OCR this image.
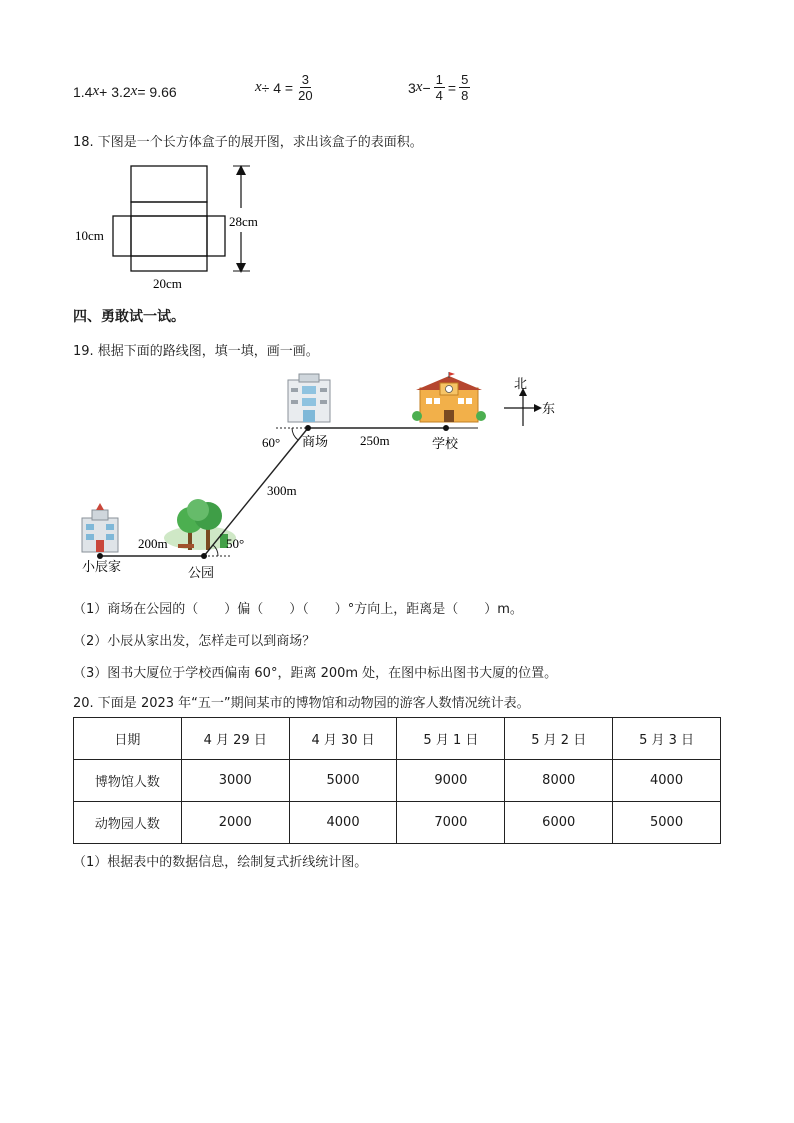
1.4 x + 3.2 x = 9.66	$x \div 4 = \frac{3}{20}$	3 $x - \frac{1}{4} = \frac{5}{8}$
18. 下图是一个长方体盒子的展开图，求出该盒子的表面积。
10cm
28cm
20cm
四、勇敢试一试。
19. 根据下面的路线图，填一填，画一画。
北
东
商场	学校
公园
小辰家
250m
300m
200m
60°
50°
（1）商场在公园的（　　）偏（　　）（　　）°方向上，距离是（　　）m。
（2）小辰从家出发，怎样走可以到商场？
（3）图书大厦位于学校西偏南 60°，距离 200m 处，在图中标出图书大厦的位置。
20. 下面是 2023 年“五一”期间某市的博物馆和动物园的游客人数情况统计表。
日期	4 月 29 日	4 月 30 日	5 月 1 日	5 月 2 日	5 月 3 日
博物馆人数	3000	5000	9000	8000	4000
动物园人数	2000	4000	7000	6000	5000
（1）根据表中的数据信息，绘制复式折线统计图。
